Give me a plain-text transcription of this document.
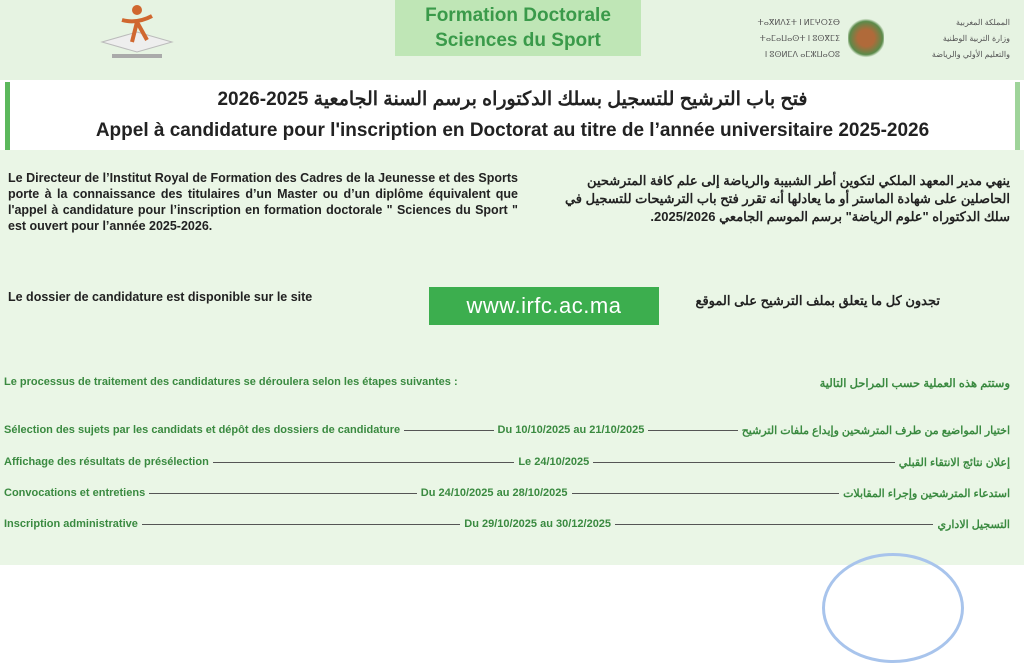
Formation Doctorale
Sciences du Sport
ⵜⴰⴳⵍⴷⵉⵜ ⵏ ⵍⵎⵖⵔⵉⴱ
ⵜⴰⵎⴰⵡⴰⵙⵜ ⵏ ⵓⵙⴳⵎⵉ
ⵏ ⵓⵙⵍⵎⴷ ⴰⵎⵣⵡⴰⵔⵓ
المملكة المغربية
وزارة التربية الوطنية
والتعليم الأولي والرياضة
فتح باب الترشيح للتسجيل بسلك الدكتوراه برسم السنة الجامعية 2025-2026
Appel à candidature pour l'inscription en Doctorat au titre de l’année universitaire 2025-2026
Le Directeur de l’Institut Royal de Formation des Cadres de la Jeunesse et des Sports porte à la connaissance des titulaires d’un Master ou d’un diplôme équivalent que l'appel à candidature pour l’inscription en formation doctorale " Sciences du Sport " est ouvert pour l’année 2025-2026.
ينهي مدير المعهد الملكي لتكوين أطر الشبيبة والرياضة إلى علم كافة المترشحين الحاصلين على شهادة الماستر أو ما يعادلها أنه تقرر فتح باب الترشيحات للتسجيل في سلك الدكتوراه "علوم الرياضة" برسم الموسم الجامعي 2025/2026.
Le dossier de candidature est disponible sur le site	www.irfc.ac.ma	تجدون كل ما يتعلق بملف الترشيح على الموقع
Le processus de traitement des candidatures se déroulera selon les étapes suivantes :	وستتم هذه العملية حسب المراحل التالية
Sélection des sujets par les candidats et dépôt des dossiers de candidature	Du 10/10/2025 au 21/10/2025	اختيار المواضيع من طرف المترشحين وإيداع ملفات الترشيح
Affichage des résultats de présélection	Le 24/10/2025	إعلان نتائج الانتقاء القبلي
Convocations et entretiens	Du 24/10/2025 au 28/10/2025	استدعاء المترشحين وإجراء المقابلات
Inscription administrative	Du 29/10/2025 au 30/12/2025	التسجيل الاداري
